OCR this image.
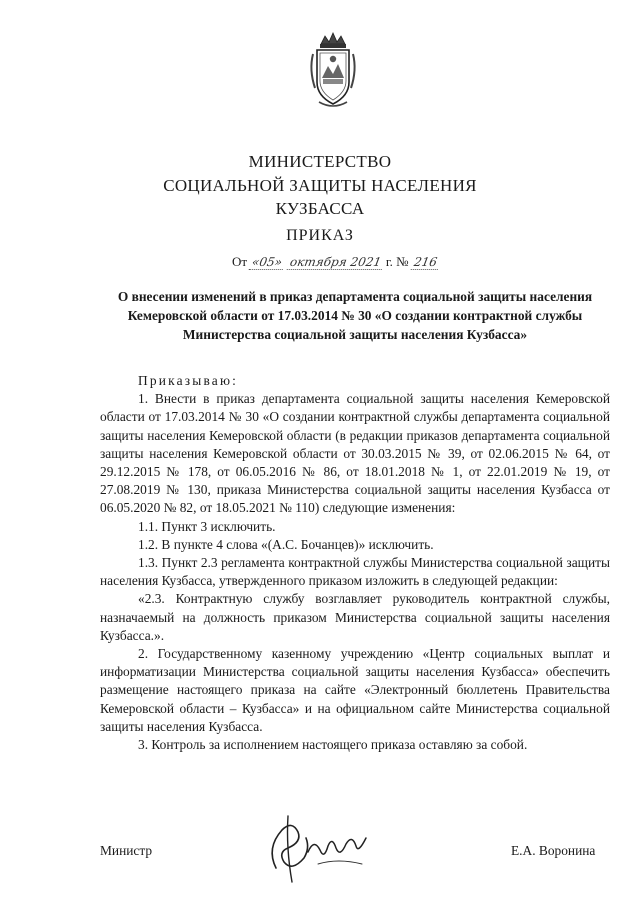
МИНИСТЕРСТВО
СОЦИАЛЬНОЙ ЗАЩИТЫ НАСЕЛЕНИЯ
КУЗБАССА
ПРИКАЗ
От «05» октября 2021 г. № 216
О внесении изменений в приказ департамента социальной защиты населения Кемеровской области от 17.03.2014 № 30 «О создании контрактной службы Министерства социальной защиты населения Кузбасса»

Приказываю:

1. Внести в приказ департамента социальной защиты населения Кемеровской области от 17.03.2014 № 30 «О создании контрактной службы департамента социальной защиты населения Кемеровской области (в редакции приказов департамента социальной защиты населения Кемеровской области от 30.03.2015 № 39, от 02.06.2015 № 64, от 29.12.2015 № 178, от 06.05.2016 № 86, от 18.01.2018 № 1, от 22.01.2019 № 19, от 27.08.2019 № 130, приказа Министерства социальной защиты населения Кузбасса от 06.05.2020 № 82, от 18.05.2021 № 110) следующие изменения:

1.1. Пункт 3 исключить.

1.2. В пункте 4 слова «(А.С. Бочанцев)» исключить.

1.3. Пункт 2.3 регламента контрактной службы Министерства социальной защиты населения Кузбасса, утвержденного приказом изложить в следующей редакции:

«2.3. Контрактную службу возглавляет руководитель контрактной службы, назначаемый на должность приказом Министерства социальной защиты населения Кузбасса.».

2. Государственному казенному учреждению «Центр социальных выплат и информатизации Министерства социальной защиты населения Кузбасса» обеспечить размещение настоящего приказа на сайте «Электронный бюллетень Правительства Кемеровской области – Кузбасса» и на официальном сайте Министерства социальной защиты населения Кузбасса.

3. Контроль за исполнением настоящего приказа оставляю за собой.

Министр	Е.А. Воронина
